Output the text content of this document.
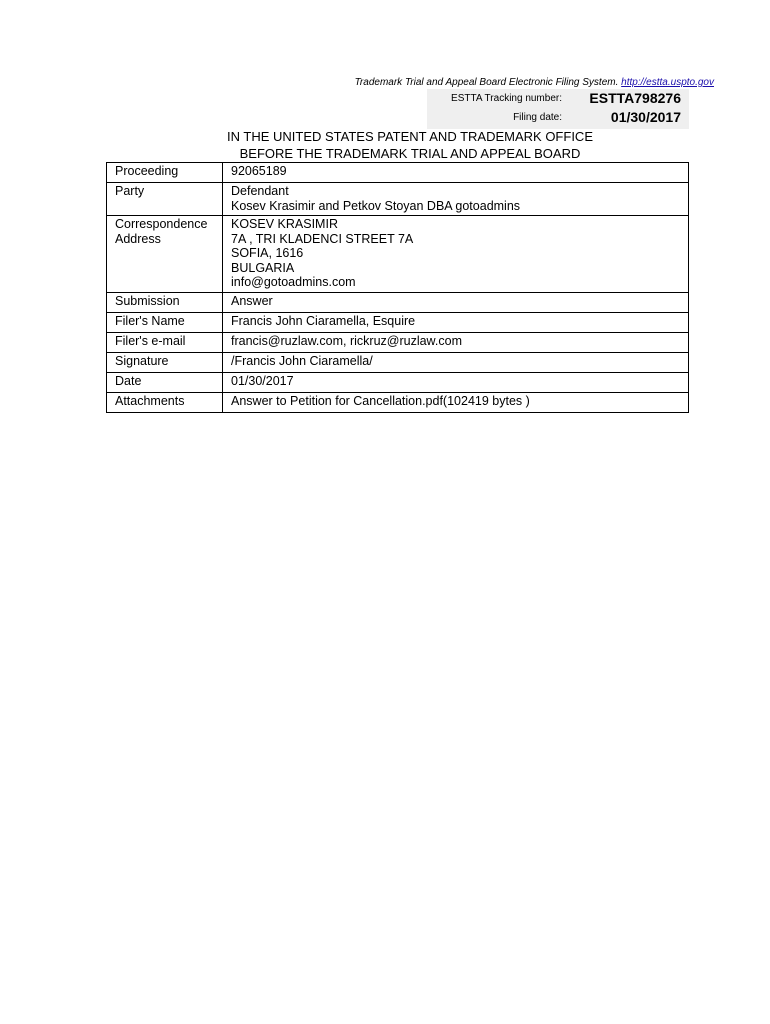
Trademark Trial and Appeal Board Electronic Filing System. http://estta.uspto.gov
ESTTA Tracking number: ESTTA798276
Filing date:	01/30/2017
IN THE UNITED STATES PATENT AND TRADEMARK OFFICE
BEFORE THE TRADEMARK TRIAL AND APPEAL BOARD
Proceeding	92065189
Party	Defendant
Kosev Krasimir and Petkov Stoyan DBA gotoadmins

Correspondence
Address	KOSEV KRASIMIR
7A , TRI KLADENCI STREET 7A
SOFIA, 1616
BULGARIA
info@gotoadmins.com

Submission	Answer
Filer's Name	Francis John Ciaramella, Esquire
Filer's e-mail	francis@ruzlaw.com, rickruz@ruzlaw.com
Signature	/Francis John Ciaramella/
Date	01/30/2017
Attachments	Answer to Petition for Cancellation.pdf(102419 bytes )
